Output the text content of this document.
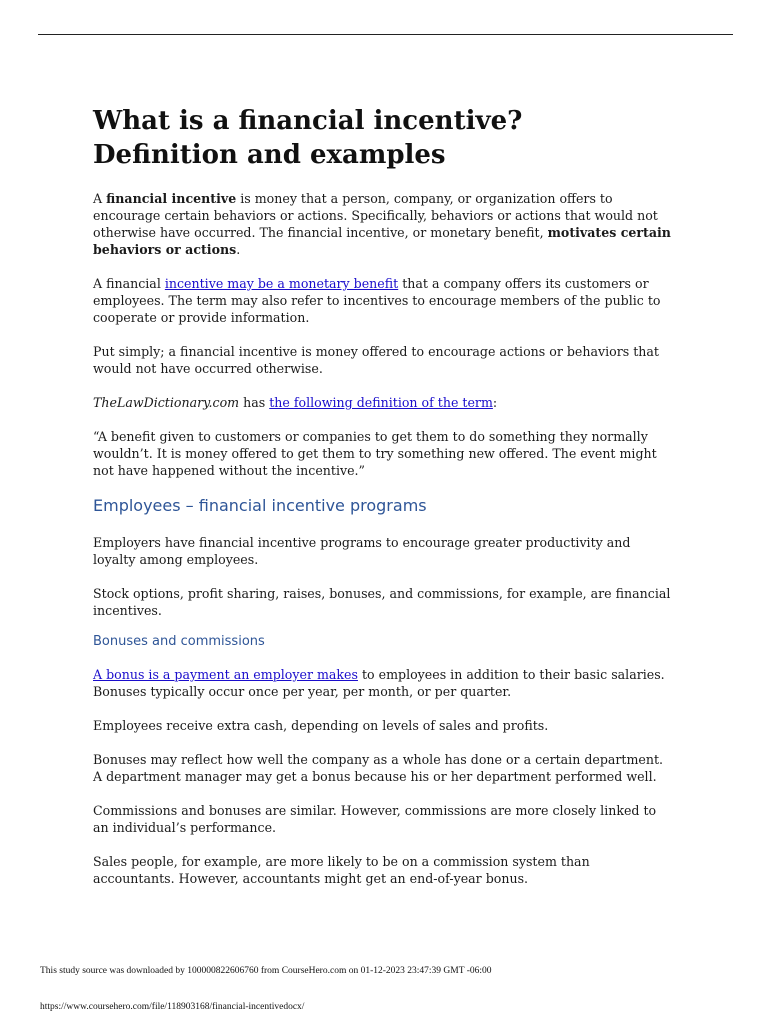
What is a financial incentive? Definition and examples

A financial incentive is money that a person, company, or organization offers to encourage certain behaviors or actions. Specifically, behaviors or actions that would not otherwise have occurred. The financial incentive, or monetary benefit, motivates certain behaviors or actions.

A financial incentive may be a monetary benefit that a company offers its customers or employees. The term may also refer to incentives to encourage members of the public to cooperate or provide information.

Put simply; a financial incentive is money offered to encourage actions or behaviors that would not have occurred otherwise.

TheLawDictionary.com has the following definition of the term:

“A benefit given to customers or companies to get them to do something they normally wouldn’t. It is money offered to get them to try something new offered. The event might not have happened without the incentive.”

Employees – financial incentive programs

Employers have financial incentive programs to encourage greater productivity and loyalty among employees.

Stock options, profit sharing, raises, bonuses, and commissions, for example, are financial incentives.

Bonuses and commissions

A bonus is a payment an employer makes to employees in addition to their basic salaries. Bonuses typically occur once per year, per month, or per quarter.

Employees receive extra cash, depending on levels of sales and profits.

Bonuses may reflect how well the company as a whole has done or a certain department. A department manager may get a bonus because his or her department performed well.

Commissions and bonuses are similar. However, commissions are more closely linked to an individual’s performance.

Sales people, for example, are more likely to be on a commission system than accountants. However, accountants might get an end-of-year bonus.

This study source was downloaded by 100000822606760 from CourseHero.com on 01-12-2023 23:47:39 GMT -06:00
https://www.coursehero.com/file/118903168/financial-incentivedocx/
